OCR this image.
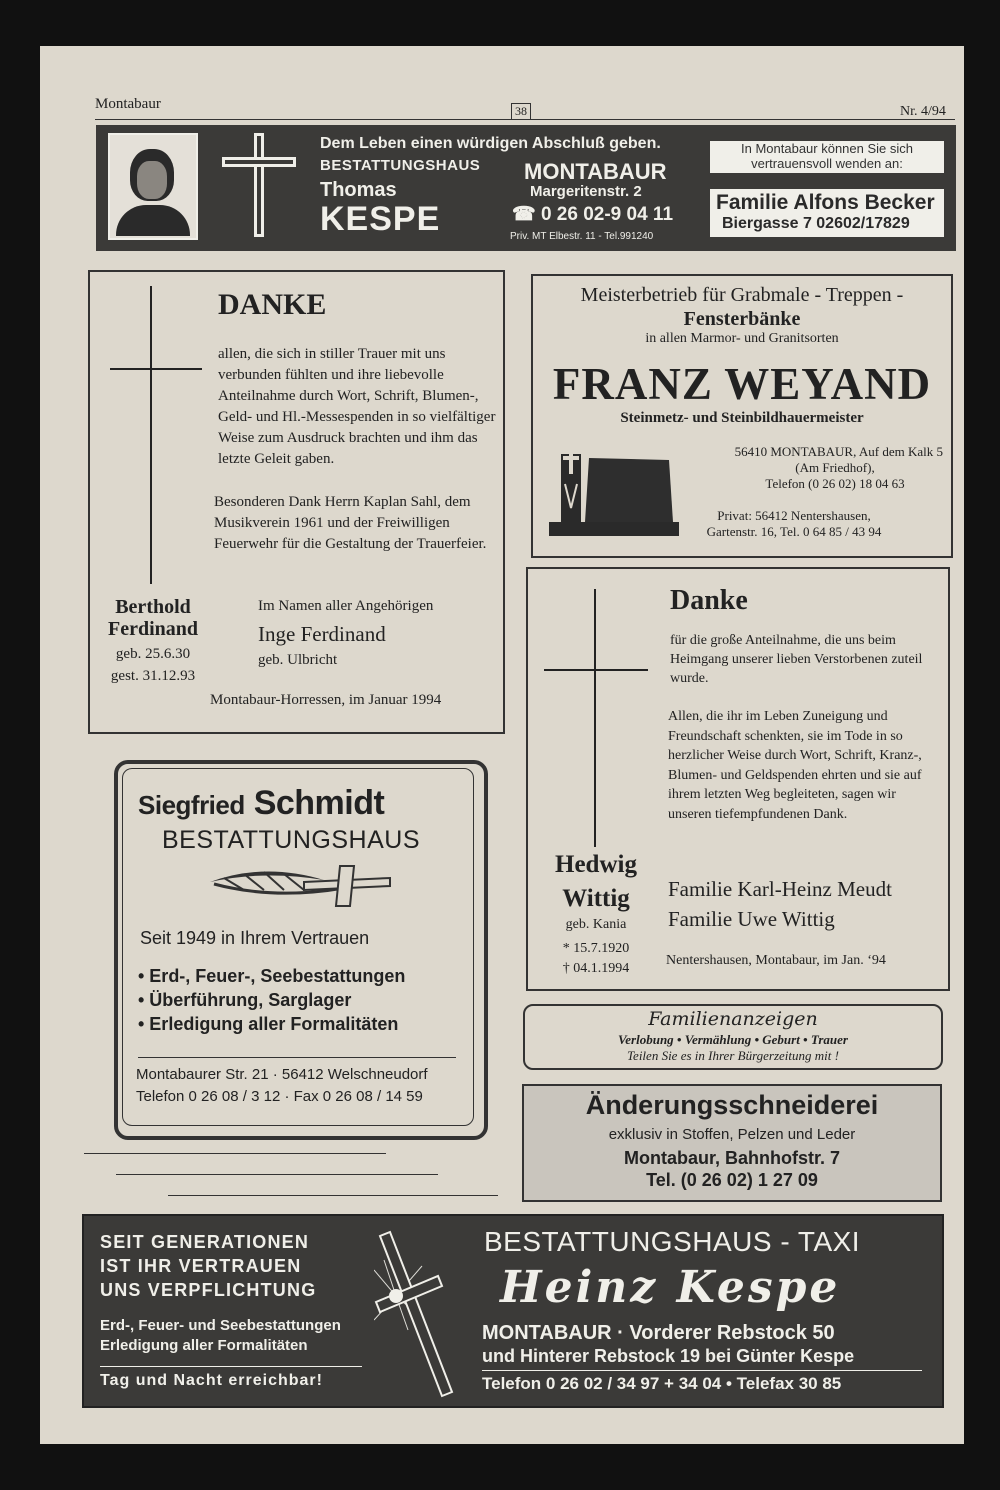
Montabaur	38	Nr. 4/94
Dem Leben einen würdigen Abschluß geben.
BESTATTUNGSHAUS
Thomas
KESPE
MONTABAUR
Margeritenstr. 2
☎ 0 26 02-9 04 11
Priv. MT Elbestr. 11 - Tel.991240
In Montabaur können Sie sich vertrauensvoll wenden an:
Familie Alfons Becker
Biergasse 7 02602/17829
DANKE
allen, die sich in stiller Trauer mit uns verbunden fühlten und ihre liebevolle Anteilnahme durch Wort, Schrift, Blumen-, Geld- und Hl.-Messespenden in so vielfältiger Weise zum Ausdruck brachten und ihm das letzte Geleit gaben.
Besonderen Dank Herrn Kaplan Sahl, dem Musikverein 1961 und der Freiwilligen Feuerwehr für die Gestaltung der Trauerfeier.
Berthold
Ferdinand
geb. 25.6.30
gest. 31.12.93
Im Namen aller Angehörigen
Inge Ferdinand
geb. Ulbricht
Montabaur-Horressen, im Januar 1994
Meisterbetrieb für Grabmale - Treppen -
Fensterbänke
in allen Marmor- und Granitsorten
FRANZ WEYAND
Steinmetz- und Steinbildhauermeister
56410 MONTABAUR, Auf dem Kalk 5
(Am Friedhof),
Telefon (0 26 02) 18 04 63
Privat: 56412 Nentershausen,
Gartenstr. 16, Tel. 0 64 85 / 43 94
Danke
für die große Anteilnahme, die uns beim Heimgang unserer lieben Verstorbenen zuteil wurde.
Allen, die ihr im Leben Zuneigung und Freundschaft schenkten, sie im Tode in so herzlicher Weise durch Wort, Schrift, Kranz-, Blumen- und Geldspenden ehrten und sie auf ihrem letzten Weg begleiteten, sagen wir unseren tiefempfundenen Dank.
Hedwig
Wittig
geb. Kania
* 15.7.1920
† 04.1.1994
Familie Karl-Heinz Meudt
Familie Uwe Wittig
Nentershausen, Montabaur, im Jan. ‘94
Siegfried Schmidt
BESTATTUNGSHAUS
Seit 1949 in Ihrem Vertrauen
• Erd-, Feuer-, Seebestattungen
• Überführung, Sarglager
• Erledigung aller Formalitäten
Montabaurer Str. 21 · 56412 Welschneudorf
Telefon 0 26 08 / 3 12 · Fax 0 26 08 / 14 59
Familienanzeigen
Verlobung • Vermählung • Geburt • Trauer
Teilen Sie es in Ihrer Bürgerzeitung mit !
Änderungsschneiderei
exklusiv in Stoffen, Pelzen und Leder
Montabaur, Bahnhofstr. 7
Tel. (0 26 02) 1 27 09
SEIT GENERATIONEN
IST IHR VERTRAUEN
UNS VERPFLICHTUNG
Erd-, Feuer- und Seebestattungen
Erledigung aller Formalitäten
Tag und Nacht erreichbar!
BESTATTUNGSHAUS - TAXI
Heinz Kespe
MONTABAUR · Vorderer Rebstock 50
und Hinterer Rebstock 19 bei Günter Kespe
Telefon 0 26 02 / 34 97 + 34 04 • Telefax 30 85
